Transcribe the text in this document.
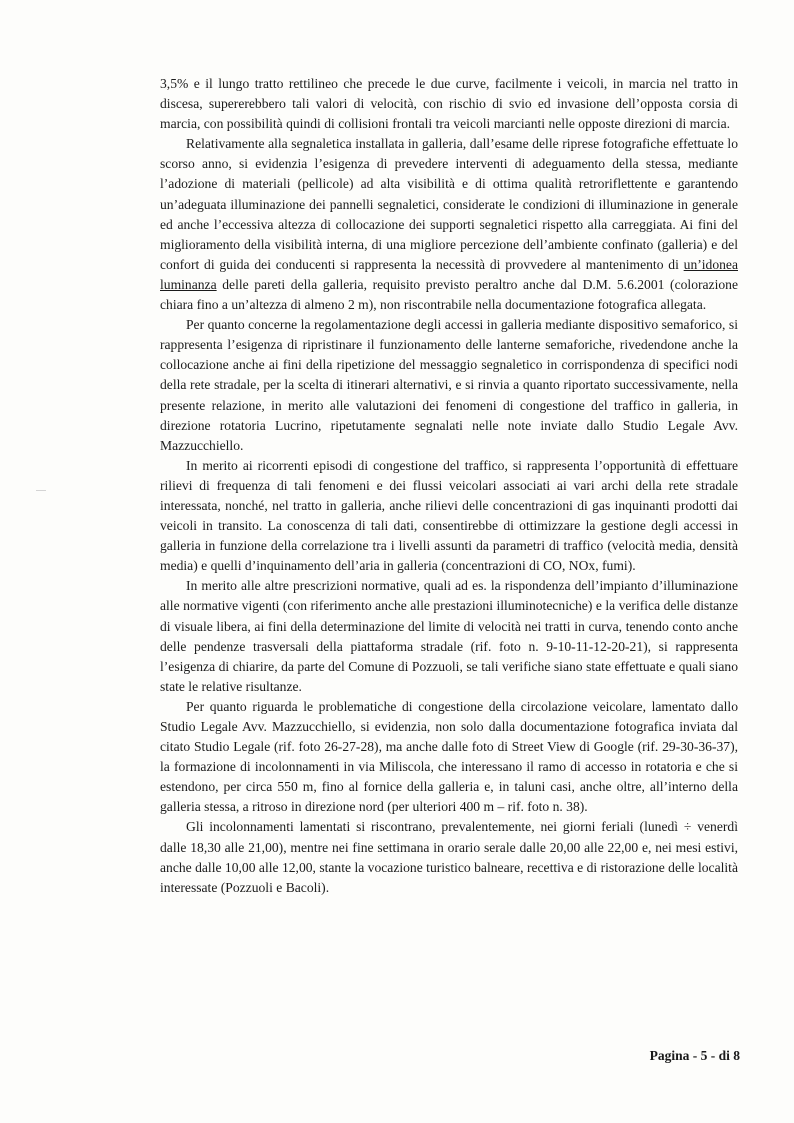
3,5% e il lungo tratto rettilineo che precede le due curve, facilmente i veicoli, in marcia nel tratto in discesa, supererebbero tali valori di velocità, con rischio di svio ed invasione dell’opposta corsia di marcia, con possibilità quindi di collisioni frontali tra veicoli marcianti nelle opposte direzioni di marcia.

Relativamente alla segnaletica installata in galleria, dall’esame delle riprese fotografiche effettuate lo scorso anno, si evidenzia l’esigenza di prevedere interventi di adeguamento della stessa, mediante l’adozione di materiali (pellicole) ad alta visibilità e di ottima qualità retroriflettente e garantendo un’adeguata illuminazione dei pannelli segnaletici, considerate le condizioni di illuminazione in generale ed anche l’eccessiva altezza di collocazione dei supporti segnaletici rispetto alla carreggiata. Ai fini del miglioramento della visibilità interna, di una migliore percezione dell’ambiente confinato (galleria) e del confort di guida dei conducenti si rappresenta la necessità di provvedere al mantenimento di un’idonea luminanza delle pareti della galleria, requisito previsto peraltro anche dal D.M. 5.6.2001 (colorazione chiara fino a un’altezza di almeno 2 m), non riscontrabile nella documentazione fotografica allegata.

Per quanto concerne la regolamentazione degli accessi in galleria mediante dispositivo semaforico, si rappresenta l’esigenza di ripristinare il funzionamento delle lanterne semaforiche, rivedendone anche la collocazione anche ai fini della ripetizione del messaggio segnaletico in corrispondenza di specifici nodi della rete stradale, per la scelta di itinerari alternativi, e si rinvia a quanto riportato successivamente, nella presente relazione, in merito alle valutazioni dei fenomeni di congestione del traffico in galleria, in direzione rotatoria Lucrino, ripetutamente segnalati nelle note inviate dallo Studio Legale Avv. Mazzucchiello.

In merito ai ricorrenti episodi di congestione del traffico, si rappresenta l’opportunità di effettuare rilievi di frequenza di tali fenomeni e dei flussi veicolari associati ai vari archi della rete stradale interessata, nonché, nel tratto in galleria, anche rilievi delle concentrazioni di gas inquinanti prodotti dai veicoli in transito. La conoscenza di tali dati, consentirebbe di ottimizzare la gestione degli accessi in galleria in funzione della correlazione tra i livelli assunti da parametri di traffico (velocità media, densità media) e quelli d’inquinamento dell’aria in galleria (concentrazioni di CO, NOx, fumi).

In merito alle altre prescrizioni normative, quali ad es. la rispondenza dell’impianto d’illuminazione alle normative vigenti (con riferimento anche alle prestazioni illuminotecniche) e la verifica delle distanze di visuale libera, ai fini della determinazione del limite di velocità nei tratti in curva, tenendo conto anche delle pendenze trasversali della piattaforma stradale (rif. foto n. 9-10-11-12-20-21), si rappresenta l’esigenza di chiarire, da parte del Comune di Pozzuoli, se tali verifiche siano state effettuate e quali siano state le relative risultanze.

Per quanto riguarda le problematiche di congestione della circolazione veicolare, lamentato dallo Studio Legale Avv. Mazzucchiello, si evidenzia, non solo dalla documentazione fotografica inviata dal citato Studio Legale (rif. foto 26-27-28), ma anche dalle foto di Street View di Google (rif. 29-30-36-37), la formazione di incolonnamenti in via Miliscola, che interessano il ramo di accesso in rotatoria e che si estendono, per circa 550 m, fino al fornice della galleria e, in taluni casi, anche oltre, all’interno della galleria stessa, a ritroso in direzione nord (per ulteriori 400 m – rif. foto n. 38).

Gli incolonnamenti lamentati si riscontrano, prevalentemente, nei giorni feriali (lunedì ÷ venerdì dalle 18,30 alle 21,00), mentre nei fine settimana in orario serale dalle 20,00 alle 22,00 e, nei mesi estivi, anche dalle 10,00 alle 12,00, stante la vocazione turistico balneare, recettiva e di ristorazione delle località interessate (Pozzuoli e Bacoli).

Pagina - 5 - di 8
